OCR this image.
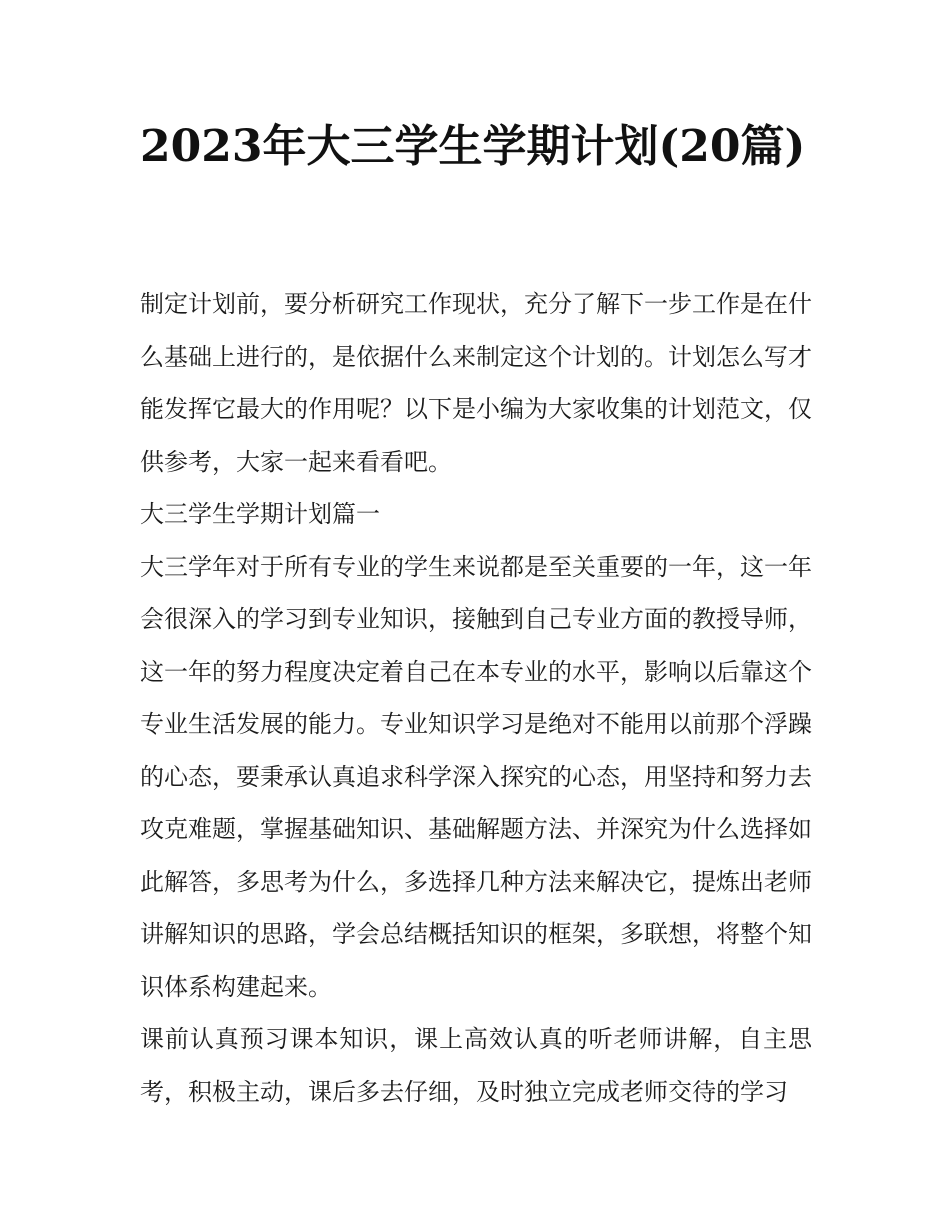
2023年大三学生学期计划(20篇)

制定计划前，要分析研究工作现状，充分了解下一步工作是在什么基础上进行的，是依据什么来制定这个计划的。计划怎么写才能发挥它最大的作用呢？以下是小编为大家收集的计划范文，仅供参考，大家一起来看看吧。

大三学生学期计划篇一

大三学年对于所有专业的学生来说都是至关重要的一年，这一年会很深入的学习到专业知识，接触到自己专业方面的教授导师，这一年的努力程度决定着自己在本专业的水平，影响以后靠这个专业生活发展的能力。专业知识学习是绝对不能用以前那个浮躁的心态，要秉承认真追求科学深入探究的心态，用坚持和努力去攻克难题，掌握基础知识、基础解题方法、并深究为什么选择如此解答，多思考为什么，多选择几种方法来解决它，提炼出老师讲解知识的思路，学会总结概括知识的框架，多联想，将整个知识体系构建起来。

课前认真预习课本知识，课上高效认真的听老师讲解，自主思考，积极主动，课后多去仔细，及时独立完成老师交待的学习
